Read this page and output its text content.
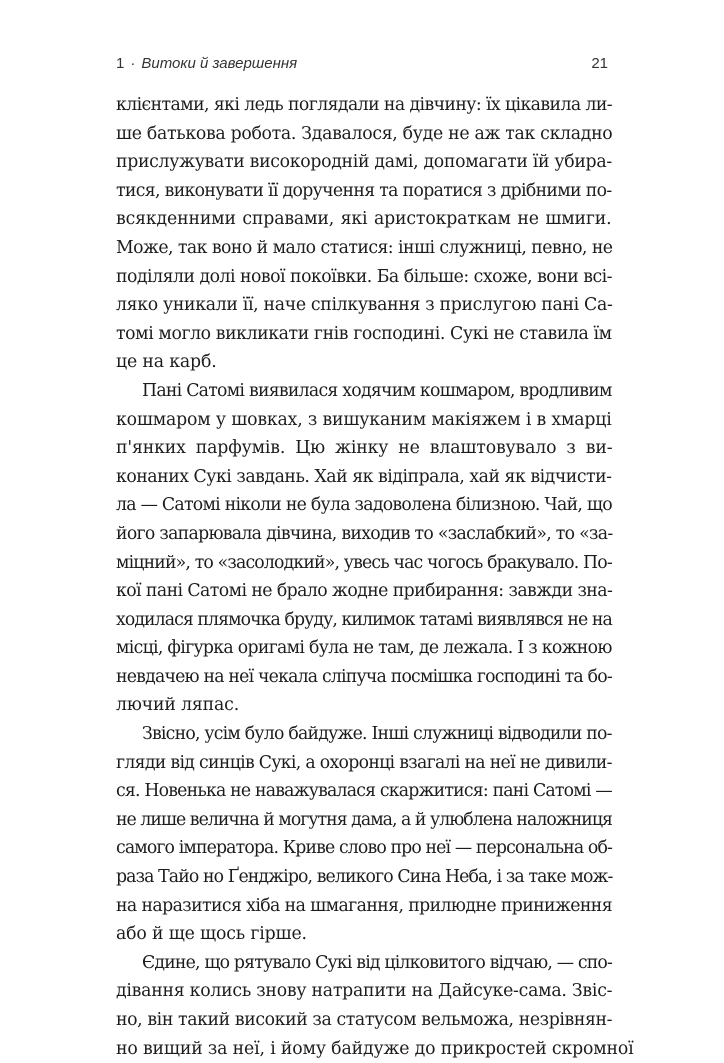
1 · Витоки й завершення	21
клієнтами, які ледь поглядали на дівчину: їх цікавила ли-
ше батькова робота. Здавалося, буде не аж так складно
прислужувати високородній дамі, допомагати їй убира-
тися, виконувати її доручення та поратися з дрібними по-
всякденними справами, які аристократкам не шмиги.
Може, так воно й мало статися: інші служниці, певно, не
поділяли долі нової покоївки. Ба більше: схоже, вони всі-
ляко уникали її, наче спілкування з прислугою пані Са-
томі могло викликати гнів господині. Сукі не ставила їм
це на карб.
Пані Сатомі виявилася ходячим кошмаром, вродливим
кошмаром у шовках, з вишуканим макіяжем і в хмарці
п'янких парфумів. Цю жінку не влаштовувало з ви-
конаних Сукі завдань. Хай як відіпрала, хай як відчисти-
ла — Сатомі ніколи не була задоволена білизною. Чай, що
його запарювала дівчина, виходив то «заслабкий», то «за-
міцний», то «засолодкий», увесь час чогось бракувало. По-
кої пані Сатомі не брало жодне прибирання: завжди зна-
ходилася плямочка бруду, килимок татамі виявлявся не на
місці, фігурка оригамі була не там, де лежала. І з кожною
невдачею на неї чекала сліпуча посмішка господині та бо-
лючий ляпас.
Звісно, усім було байдуже. Інші служниці відводили по-
гляди від синців Сукі, а охоронці взагалі на неї не дивили-
ся. Новенька не наважувалася скаржитися: пані Сатомі —
не лише велична й могутня дама, а й улюблена наложниця
самого імператора. Криве слово про неї — персональна об-
раза Тайо но Ґенджіро, великого Сина Неба, і за таке мож-
на наразитися хіба на шмагання, прилюдне приниження
або й ще щось гірше.
Єдине, що рятувало Сукі від цілковитого відчаю, — спо-
дівання колись знову натрапити на Дайсуке-сама. Звіс-
но, він такий високий за статусом вельможа, незрівнян-
но вищий за неї, і йому байдуже до прикростей скромної
